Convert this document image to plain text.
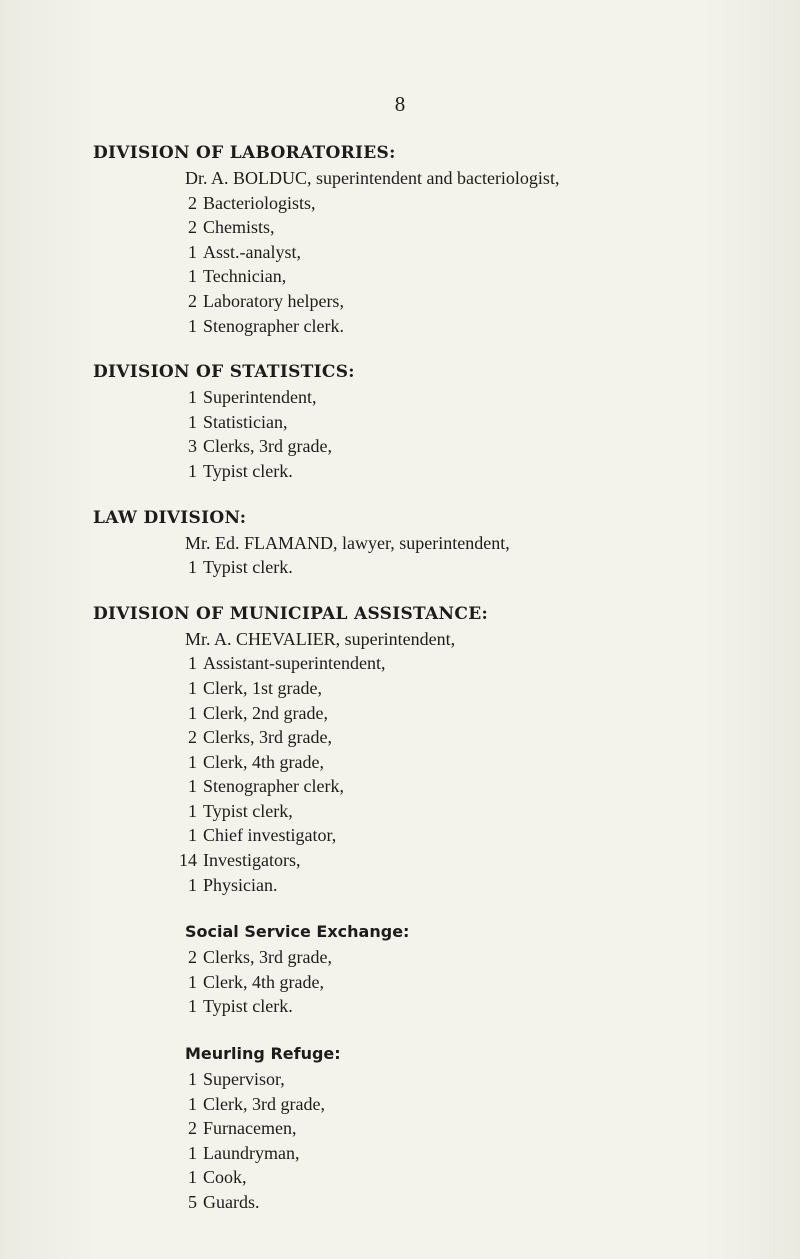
8
DIVISION OF LABORATORIES:
Dr. A. BOLDUC, superintendent and bacteriologist,
2 Bacteriologists,
2 Chemists,
1 Asst.-analyst,
1 Technician,
2 Laboratory helpers,
1 Stenographer clerk.
DIVISION OF STATISTICS:
1 Superintendent,
1 Statistician,
3 Clerks, 3rd grade,
1 Typist clerk.
LAW DIVISION:
Mr. Ed. FLAMAND, lawyer, superintendent,
1 Typist clerk.
DIVISION OF MUNICIPAL ASSISTANCE:
Mr. A. CHEVALIER, superintendent,
1 Assistant-superintendent,
1 Clerk, 1st grade,
1 Clerk, 2nd grade,
2 Clerks, 3rd grade,
1 Clerk, 4th grade,
1 Stenographer clerk,
1 Typist clerk,
1 Chief investigator,
14 Investigators,
1 Physician.
Social Service Exchange:
2 Clerks, 3rd grade,
1 Clerk, 4th grade,
1 Typist clerk.
Meurling Refuge:
1 Supervisor,
1 Clerk, 3rd grade,
2 Furnacemen,
1 Laundryman,
1 Cook,
5 Guards.
